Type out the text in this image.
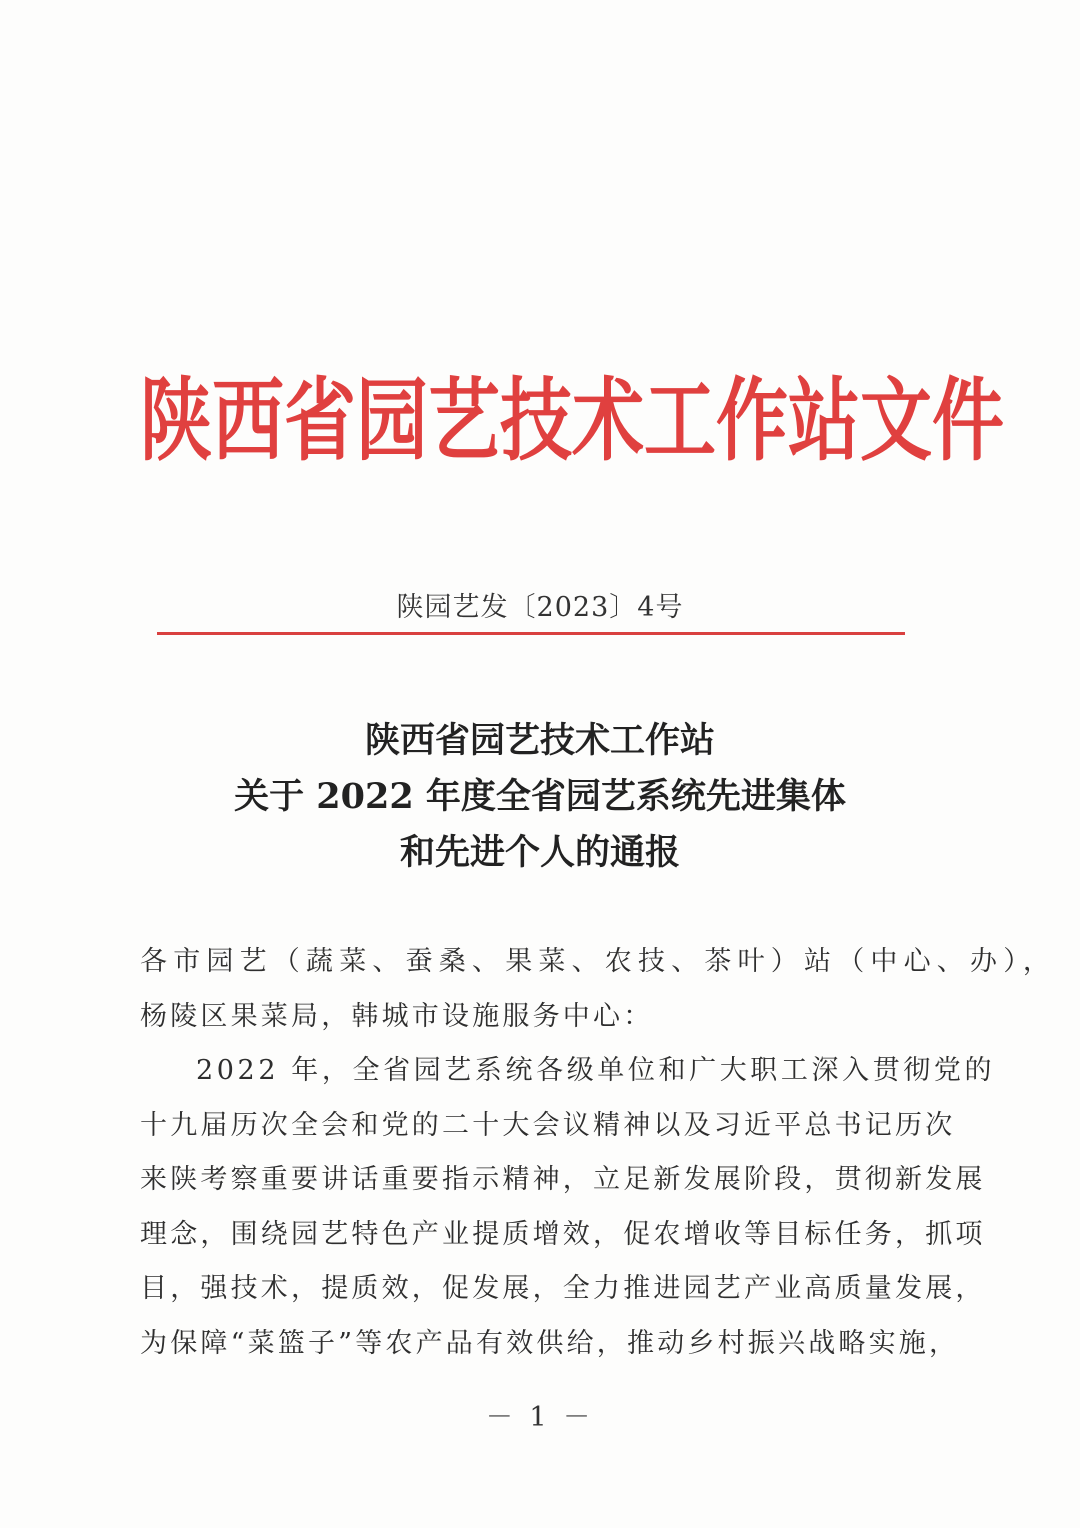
陕西省园艺技术工作站文件
陕园艺发〔2023〕4号
陕西省园艺技术工作站
关于 2022 年度全省园艺系统先进集体
和先进个人的通报

各市园艺（蔬菜、蚕桑、果菜、农技、茶叶）站（中心、办），

杨陵区果菜局，韩城市设施服务中心：

2022 年，全省园艺系统各级单位和广大职工深入贯彻党的

十九届历次全会和党的二十大会议精神以及习近平总书记历次

来陕考察重要讲话重要指示精神，立足新发展阶段，贯彻新发展

理念，围绕园艺特色产业提质增效，促农增收等目标任务，抓项

目，强技术，提质效，促发展，全力推进园艺产业高质量发展，

为保障“菜篮子”等农产品有效供给，推动乡村振兴战略实施，

－ 1 －
